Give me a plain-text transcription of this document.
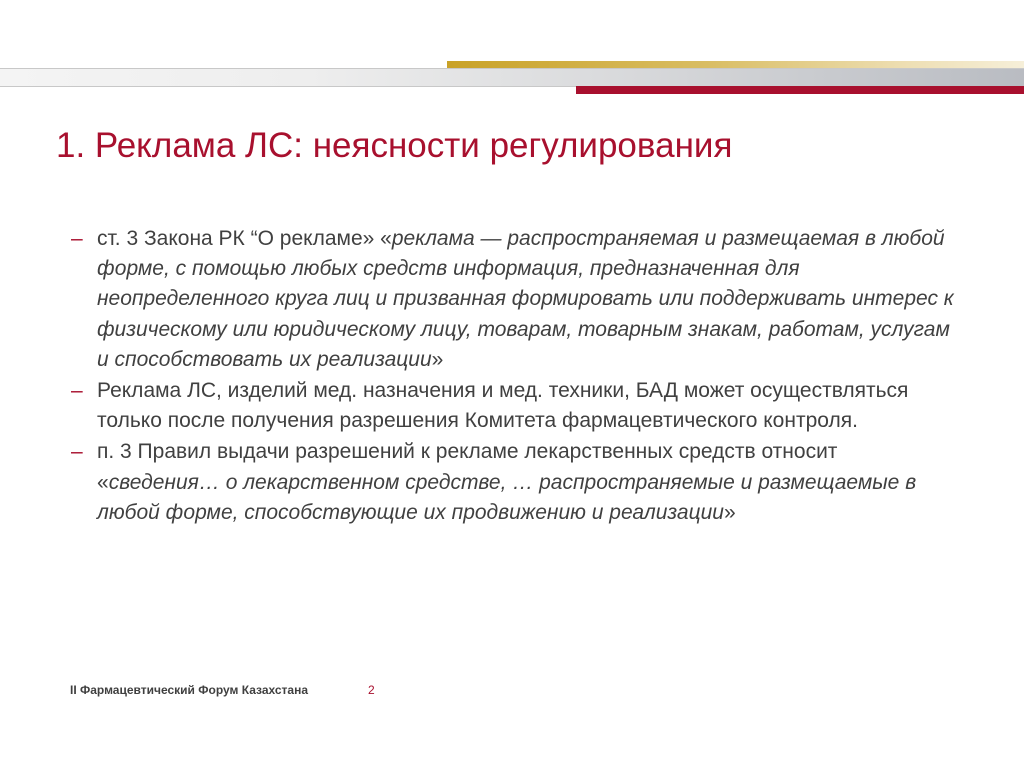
1. Реклама ЛС: неясности регулирования
– ст. 3 Закона РК “О рекламе» «реклама — распространяемая и размещаемая в любой форме, с помощью любых средств информация, предназначенная для неопределенного круга лиц и призванная формировать или поддерживать интерес к физическому или юридическому лицу, товарам, товарным знакам, работам, услугам и способствовать их реализации»
– Реклама ЛС, изделий мед. назначения и мед. техники, БАД может осуществляться только после получения разрешения Комитета фармацевтического контроля.
– п. 3 Правил выдачи разрешений к рекламе лекарственных средств относит «сведения… о лекарственном средстве, … распространяемые и размещаемые в любой форме, способствующие их продвижению и реализации»
II Фармацевтический Форум Казахстана	2
